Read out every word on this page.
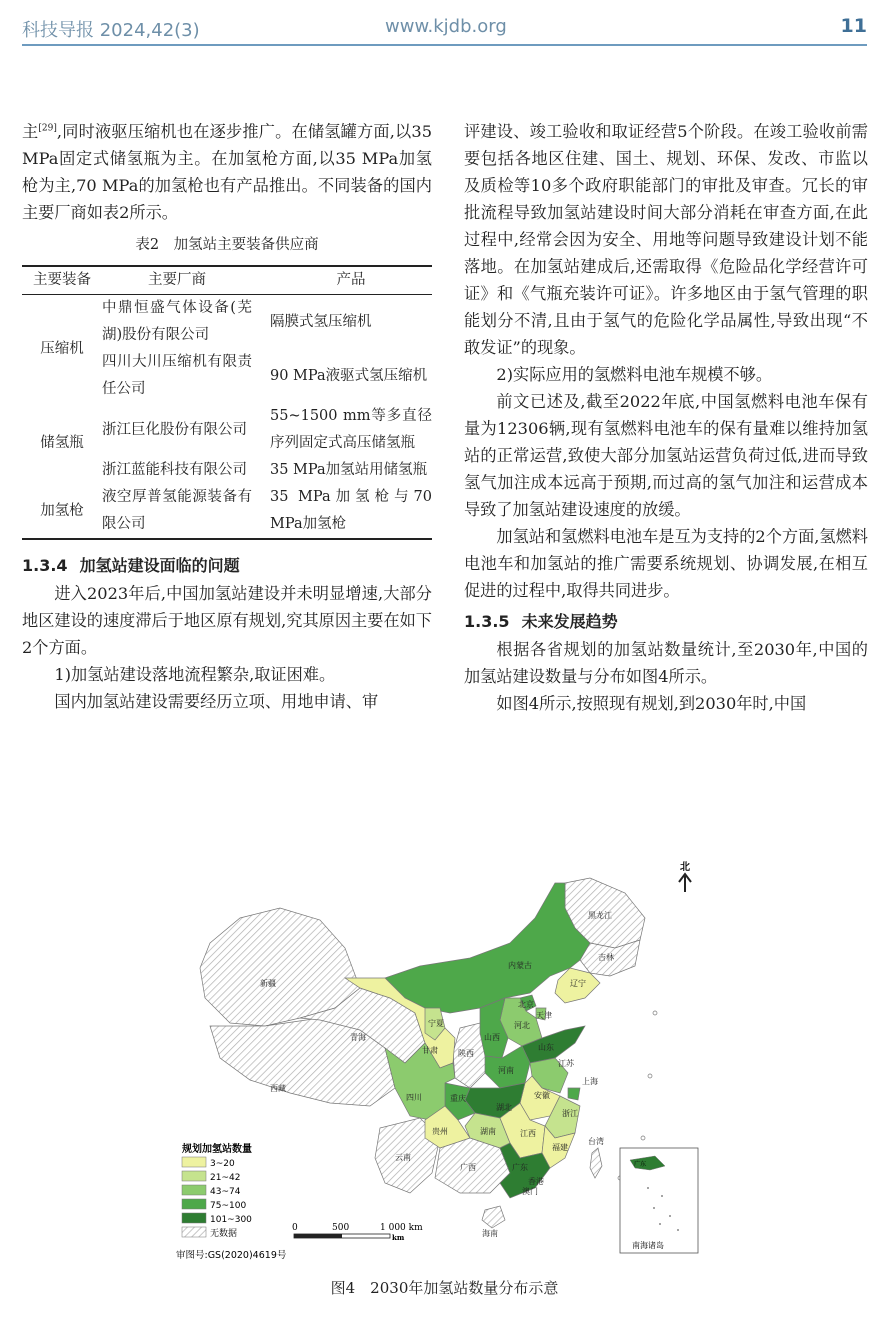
科技导报 2024,42(3)	www.kjdb.org	11

主[29],同时液驱压缩机也在逐步推广。在储氢罐方面,以35 MPa固定式储氢瓶为主。在加氢枪方面,以35 MPa加氢枪为主,70 MPa的加氢枪也有产品推出。不同装备的国内主要厂商如表2所示。

表2　加氢站主要装备供应商
主要装备	主要厂商	产品
压缩机	中鼎恒盛气体设备(芜湖)股份有限公司	隔膜式氢压缩机
	四川大川压缩机有限责任公司	90 MPa液驱式氢压缩机
储氢瓶	浙江巨化股份有限公司	55~1500 mm等多直径序列固定式高压储氢瓶
	浙江蓝能科技有限公司	35 MPa加氢站用储氢瓶
加氢枪	液空厚普氢能源装备有限公司	35 MPa加氢枪与70 MPa加氢枪
1.3.4 加氢站建设面临的问题

进入2023年后,中国加氢站建设并未明显增速,大部分地区建设的速度滞后于地区原有规划,究其原因主要在如下2个方面。

1)加氢站建设落地流程繁杂,取证困难。

国内加氢站建设需要经历立项、用地申请、审

评建设、竣工验收和取证经营5个阶段。在竣工验收前需要包括各地区住建、国土、规划、环保、发改、市监以及质检等10多个政府职能部门的审批及审查。冗长的审批流程导致加氢站建设时间大部分消耗在审查方面,在此过程中,经常会因为安全、用地等问题导致建设计划不能落地。在加氢站建成后,还需取得《危险品化学经营许可证》和《气瓶充装许可证》。许多地区由于氢气管理的职能划分不清,且由于氢气的危险化学品属性,导致出现“不敢发证”的现象。

2)实际应用的氢燃料电池车规模不够。

前文已述及,截至2022年底,中国氢燃料电池车保有量为12306辆,现有氢燃料电池车的保有量难以维持加氢站的正常运营,致使大部分加氢站运营负荷过低,进而导致氢气加注成本远高于预期,而过高的氢气加注和运营成本导致了加氢站建设速度的放缓。

加氢站和氢燃料电池车是互为支持的2个方面,氢燃料电池车和加氢站的推广需要系统规划、协调发展,在相互促进的过程中,取得共同进步。

1.3.5 未来发展趋势

根据各省规划的加氢站数量统计,至2030年,中国的加氢站建设数量与分布如图4所示。

如图4所示,按照现有规划,到2030年时,中国

黑龙江
吉林
辽宁
内蒙古
新疆
北京
天津
河北
山西
山东
宁夏
青海
甘肃	陕西
河南
江苏
上海
安徽
西藏
四川	重庆
湖北
浙江
贵州	湖南	江西
福建
台湾
云南
广西	广东
香港
澳门
海南
北
规划加氢站数量
3~20
21~42
43~74
75~100
101~300
无数据
审图号:GS(2020)4619号
0	500	1 000 km
km
广东
南海诸岛
图4　2030年加氢站数量分布示意
